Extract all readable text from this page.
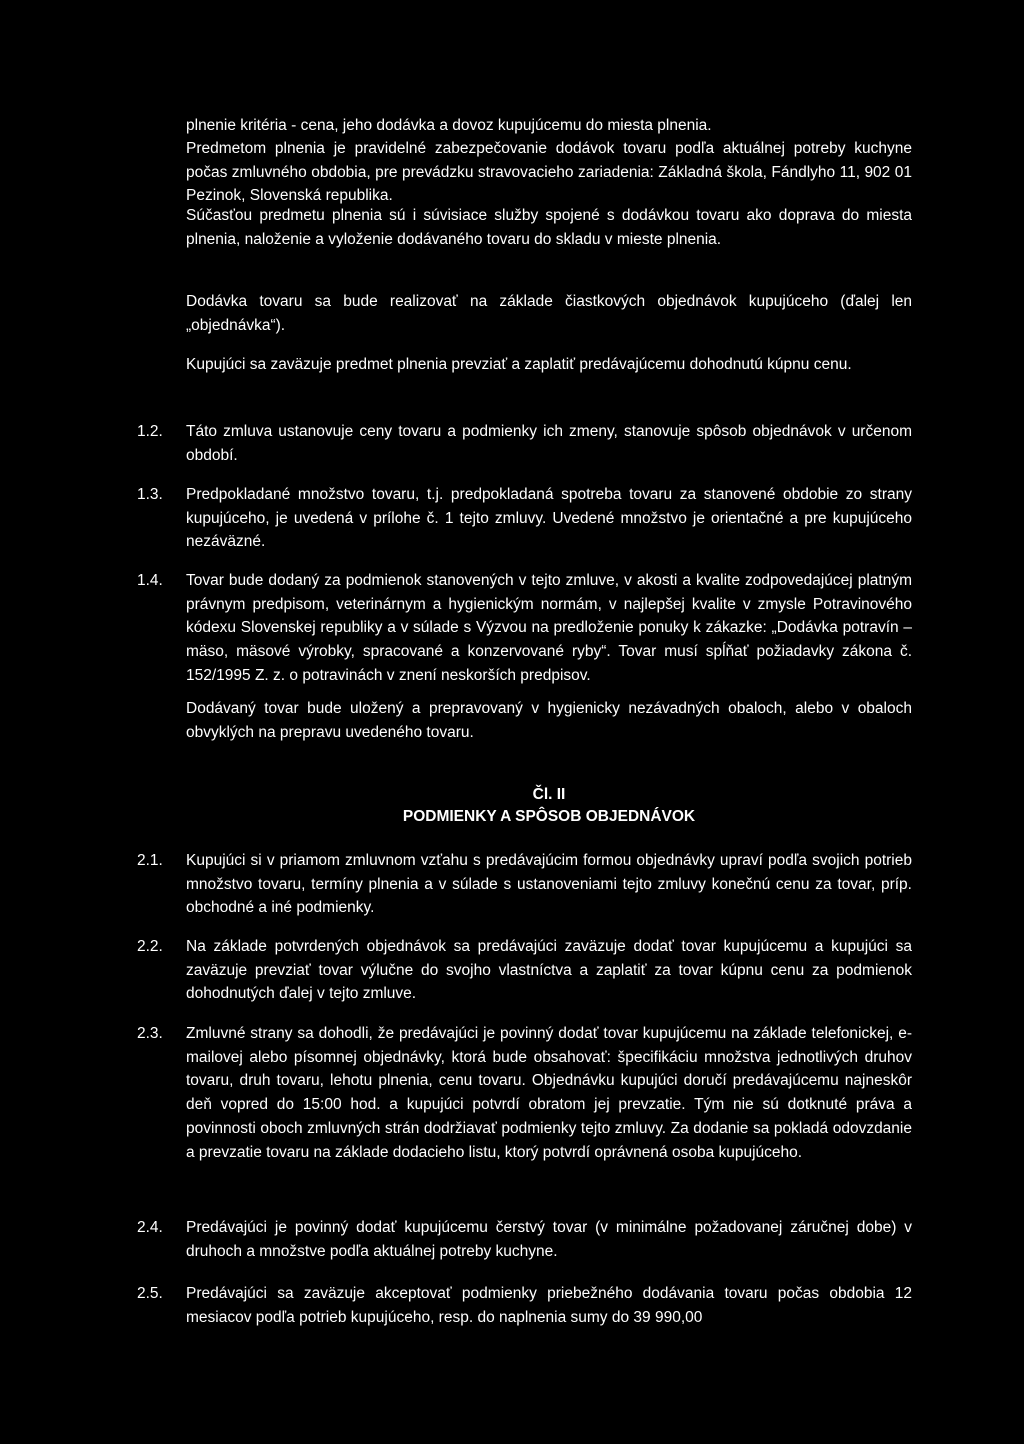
plnenie kritéria - cena, jeho dodávka a dovoz kupujúcemu do miesta plnenia.

Predmetom plnenia je pravidelné zabezpečovanie dodávok tovaru podľa aktuálnej potreby kuchyne počas zmluvného obdobia, pre prevádzku stravovacieho zariadenia: Základná škola, Fándlyho 11, 902 01 Pezinok, Slovenská republika.

Súčasťou predmetu plnenia sú i súvisiace služby spojené s dodávkou tovaru ako doprava do miesta plnenia, naloženie a vyloženie dodávaného tovaru do skladu v mieste plnenia.

Dodávka tovaru sa bude realizovať na základe čiastkových objednávok kupujúceho (ďalej len „objednávka“).

Kupujúci sa zaväzuje predmet plnenia prevziať a zaplatiť predávajúcemu dohodnutú kúpnu cenu.

1.2. Táto zmluva ustanovuje ceny tovaru a podmienky ich zmeny, stanovuje spôsob objednávok v určenom období.

1.3. Predpokladané množstvo tovaru, t.j. predpokladaná spotreba tovaru za stanovené obdobie zo strany kupujúceho, je uvedená v prílohe č. 1 tejto zmluvy. Uvedené množstvo je orientačné a pre kupujúceho nezáväzné.

1.4. Tovar bude dodaný za podmienok stanovených v tejto zmluve, v akosti a kvalite zodpovedajúcej platným právnym predpisom, veterinárnym a hygienickým normám, v najlepšej kvalite v zmysle Potravinového kódexu Slovenskej republiky a v súlade s Výzvou na predloženie ponuky k zákazke: „Dodávka potravín – mäso, mäsové výrobky, spracované a konzervované ryby“. Tovar musí spĺňať požiadavky zákona č. 152/1995 Z. z. o potravinách v znení neskorších predpisov.

Dodávaný tovar bude uložený a prepravovaný v hygienicky nezávadných obaloch, alebo v obaloch obvyklých na prepravu uvedeného tovaru.

Čl. II

PODMIENKY A SPÔSOB OBJEDNÁVOK

2.1. Kupujúci si v priamom zmluvnom vzťahu s predávajúcim formou objednávky upraví podľa svojich potrieb množstvo tovaru, termíny plnenia a v súlade s ustanoveniami tejto zmluvy konečnú cenu za tovar, príp. obchodné a iné podmienky.

2.2. Na základe potvrdených objednávok sa predávajúci zaväzuje dodať tovar kupujúcemu a kupujúci sa zaväzuje prevziať tovar výlučne do svojho vlastníctva a zaplatiť za tovar kúpnu cenu za podmienok dohodnutých ďalej v tejto zmluve.

2.3. Zmluvné strany sa dohodli, že predávajúci je povinný dodať tovar kupujúcemu na základe telefonickej, e-mailovej alebo písomnej objednávky, ktorá bude obsahovať: špecifikáciu množstva jednotlivých druhov tovaru, druh tovaru, lehotu plnenia, cenu tovaru. Objednávku kupujúci doručí predávajúcemu najneskôr deň vopred do 15:00 hod. a kupujúci potvrdí obratom jej prevzatie. Tým nie sú dotknuté práva a povinnosti oboch zmluvných strán dodržiavať podmienky tejto zmluvy. Za dodanie sa pokladá odovzdanie a prevzatie tovaru na základe dodacieho listu, ktorý potvrdí oprávnená osoba kupujúceho.

2.4. Predávajúci je povinný dodať kupujúcemu čerstvý tovar (v minimálne požadovanej záručnej dobe) v druhoch a množstve podľa aktuálnej potreby kuchyne.

2.5. Predávajúci sa zaväzuje akceptovať podmienky priebežného dodávania tovaru počas obdobia 12 mesiacov podľa potrieb kupujúceho, resp. do naplnenia sumy do 39 990,00
